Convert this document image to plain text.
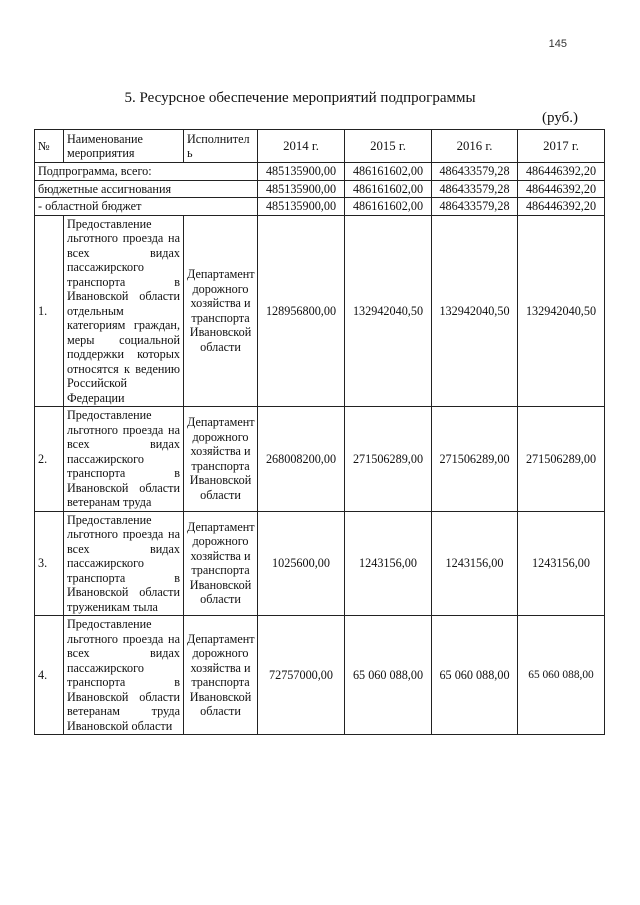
145
5. Ресурсное обеспечение мероприятий подпрограммы
(руб.)
№	Наименование мероприятия	Исполнитель	2014 г.	2015 г.	2016 г.	2017 г.
Подпрограмма, всего:			485135900,00	486161602,00	486433579,28	486446392,20
бюджетные ассигнования			485135900,00	486161602,00	486433579,28	486446392,20
- областной бюджет			485135900,00	486161602,00	486433579,28	486446392,20
1.	Предоставление льготного проезда на всех видах пассажирского транспорта в Ивановской области отдельным категориям граждан, меры социальной поддержки которых относятся к ведению Российской Федерации	Департамент дорожного хозяйства и транспорта Ивановской области	128956800,00	132942040,50	132942040,50	132942040,50
2.	Предоставление льготного проезда на всех видах пассажирского транспорта в Ивановской области ветеранам труда	Департамент дорожного хозяйства и транспорта Ивановской области	268008200,00	271506289,00	271506289,00	271506289,00
3.	Предоставление льготного проезда на всех видах пассажирского транспорта в Ивановской области труженикам тыла	Департамент дорожного хозяйства и транспорта Ивановской области	1025600,00	1243156,00	1243156,00	1243156,00
4.	Предоставление льготного проезда на всех видах пассажирского транспорта в Ивановской области ветеранам труда Ивановской области	Департамент дорожного хозяйства и транспорта Ивановской области	72757000,00	65 060 088,00	65 060 088,00	65 060 088,00
